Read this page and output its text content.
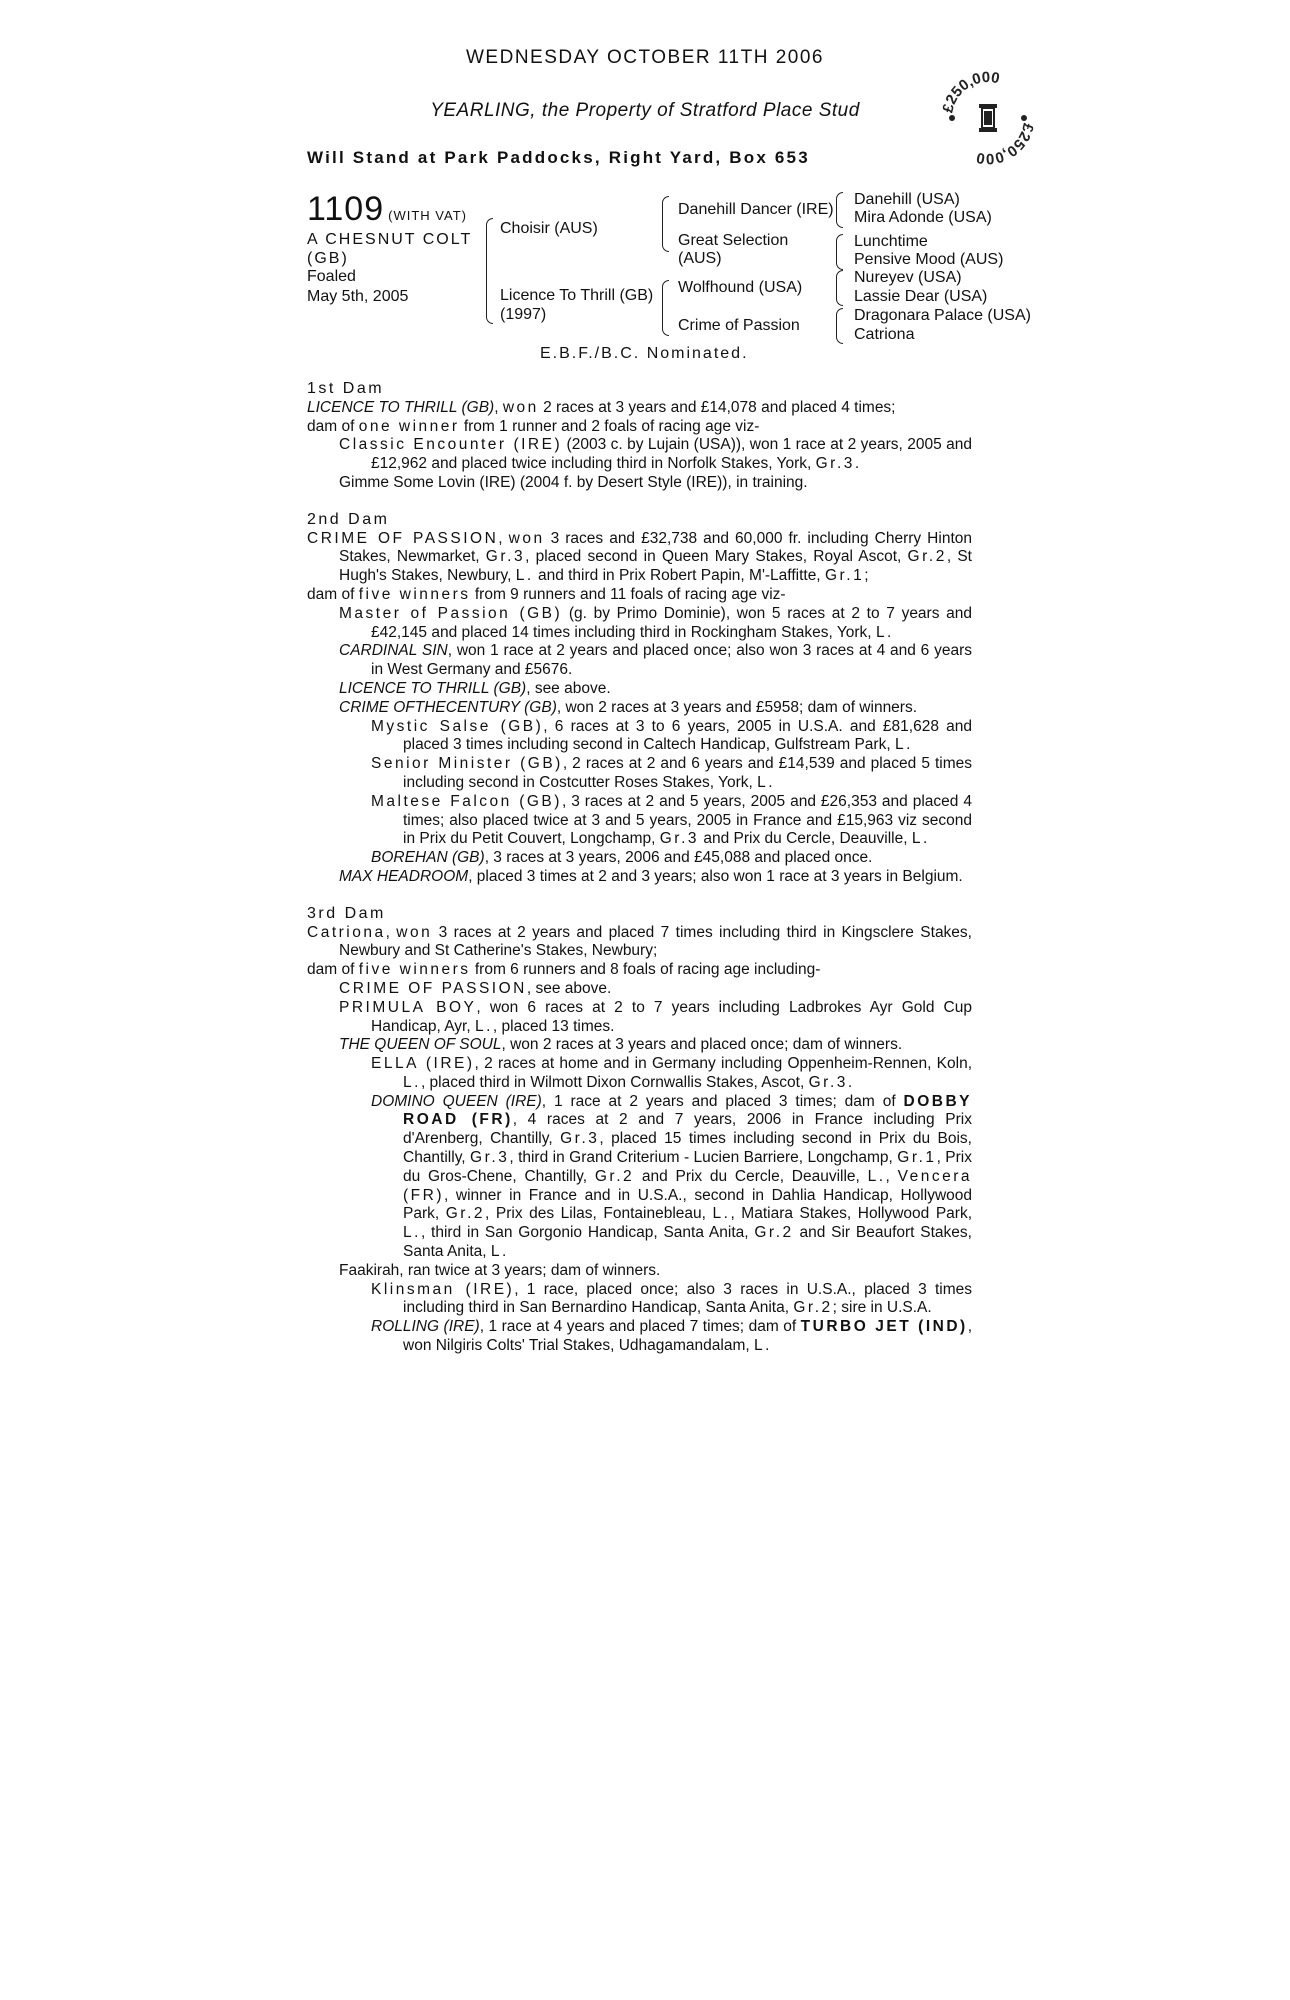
WEDNESDAY OCTOBER 11TH 2006
YEARLING, the Property of Stratford Place Stud
Will Stand at Park Paddocks, Right Yard, Box 653
£250,000
£250,000
1109 (WITH VAT)
A CHESNUT COLT
(GB)
Foaled
May 5th, 2005
Choisir (AUS)
Licence To Thrill (GB)
(1997)
Danehill Dancer (IRE)
Great Selection
(AUS)
Wolfhound (USA)
Crime of Passion
Danehill (USA)
Mira Adonde (USA)
Lunchtime
Pensive Mood (AUS)
Nureyev (USA)
Lassie Dear (USA)
Dragonara Palace (USA)
Catriona
E.B.F./B.C. Nominated.

1st Dam

LICENCE TO THRILL (GB), won 2 races at 3 years and £14,078 and placed 4 times;

dam of one winner from 1 runner and 2 foals of racing age viz-

Classic Encounter (IRE) (2003 c. by Lujain (USA)), won 1 race at 2 years, 2005 and £12,962 and placed twice including third in Norfolk Stakes, York, Gr.3.

Gimme Some Lovin (IRE) (2004 f. by Desert Style (IRE)), in training.

2nd Dam

CRIME OF PASSION, won 3 races and £32,738 and 60,000 fr. including Cherry Hinton Stakes, Newmarket, Gr.3, placed second in Queen Mary Stakes, Royal Ascot, Gr.2, St Hugh's Stakes, Newbury, L. and third in Prix Robert Papin, M'-Laffitte, Gr.1;

dam of five winners from 9 runners and 11 foals of racing age viz-

Master of Passion (GB) (g. by Primo Dominie), won 5 races at 2 to 7 years and £42,145 and placed 14 times including third in Rockingham Stakes, York, L.

CARDINAL SIN, won 1 race at 2 years and placed once; also won 3 races at 4 and 6 years in West Germany and £5676.

LICENCE TO THRILL (GB), see above.

CRIME OFTHECENTURY (GB), won 2 races at 3 years and £5958; dam of winners.

Mystic Salse (GB), 6 races at 3 to 6 years, 2005 in U.S.A. and £81,628 and placed 3 times including second in Caltech Handicap, Gulfstream Park, L.

Senior Minister (GB), 2 races at 2 and 6 years and £14,539 and placed 5 times including second in Costcutter Roses Stakes, York, L.

Maltese Falcon (GB), 3 races at 2 and 5 years, 2005 and £26,353 and placed 4 times; also placed twice at 3 and 5 years, 2005 in France and £15,963 viz second in Prix du Petit Couvert, Longchamp, Gr.3 and Prix du Cercle, Deauville, L.

BOREHAN (GB), 3 races at 3 years, 2006 and £45,088 and placed once.

MAX HEADROOM, placed 3 times at 2 and 3 years; also won 1 race at 3 years in Belgium.

3rd Dam

Catriona, won 3 races at 2 years and placed 7 times including third in Kingsclere Stakes, Newbury and St Catherine's Stakes, Newbury;

dam of five winners from 6 runners and 8 foals of racing age including-

CRIME OF PASSION, see above.

PRIMULA BOY, won 6 races at 2 to 7 years including Ladbrokes Ayr Gold Cup Handicap, Ayr, L., placed 13 times.

THE QUEEN OF SOUL, won 2 races at 3 years and placed once; dam of winners.

ELLA (IRE), 2 races at home and in Germany including Oppenheim-Rennen, Koln, L., placed third in Wilmott Dixon Cornwallis Stakes, Ascot, Gr.3.

DOMINO QUEEN (IRE), 1 race at 2 years and placed 3 times; dam of DOBBY ROAD (FR), 4 races at 2 and 7 years, 2006 in France including Prix d'Arenberg, Chantilly, Gr.3, placed 15 times including second in Prix du Bois, Chantilly, Gr.3, third in Grand Criterium - Lucien Barriere, Longchamp, Gr.1, Prix du Gros-Chene, Chantilly, Gr.2 and Prix du Cercle, Deauville, L., Vencera (FR), winner in France and in U.S.A., second in Dahlia Handicap, Hollywood Park, Gr.2, Prix des Lilas, Fontainebleau, L., Matiara Stakes, Hollywood Park, L., third in San Gorgonio Handicap, Santa Anita, Gr.2 and Sir Beaufort Stakes, Santa Anita, L.

Faakirah, ran twice at 3 years; dam of winners.

Klinsman (IRE), 1 race, placed once; also 3 races in U.S.A., placed 3 times including third in San Bernardino Handicap, Santa Anita, Gr.2; sire in U.S.A.

ROLLING (IRE), 1 race at 4 years and placed 7 times; dam of TURBO JET (IND), won Nilgiris Colts' Trial Stakes, Udhagamandalam, L.
